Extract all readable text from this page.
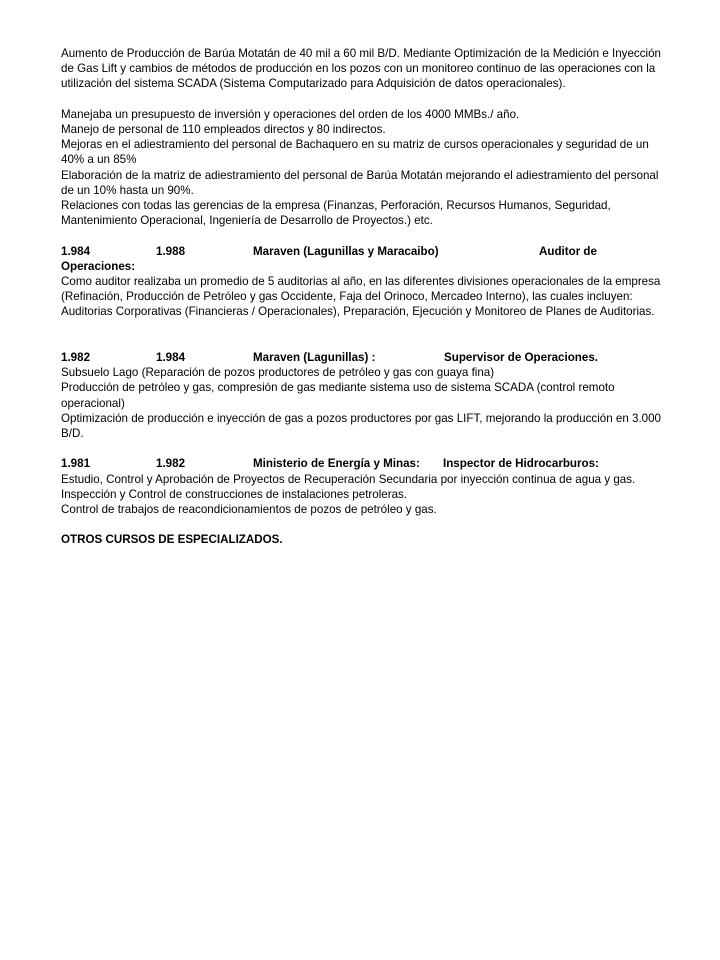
Aumento de Producción de Barúa Motatán de 40 mil a 60 mil B/D. Mediante Optimización de la Medición e Inyección de Gas Lift y cambios de métodos de producción en los pozos con un monitoreo continuo de las operaciones con la utilización del sistema SCADA (Sistema Computarizado para Adquisición de datos operacionales).

Manejaba un presupuesto de inversión y operaciones del orden de los 4000 MMBs./ año.

Manejo de personal de 110 empleados directos y 80 indirectos.

Mejoras en el adiestramiento del personal de Bachaquero en su matriz de cursos operacionales y seguridad de un 40% a un 85%

Elaboración de la matriz de adiestramiento del personal de Barúa Motatán mejorando el adiestramiento del personal de un 10% hasta un 90%.

Relaciones con todas las gerencias de la empresa (Finanzas, Perforación, Recursos Humanos, Seguridad, Mantenimiento Operacional, Ingeniería de Desarrollo de Proyectos.) etc.

1.984	1.988	Maraven (Lagunillas y Maracaibo)	Auditor de
Operaciones:

Como auditor realizaba un promedio de 5 auditorias al año, en las diferentes divisiones operacionales de la empresa (Refinación, Producción de Petróleo y gas Occidente, Faja del Orinoco, Mercadeo Interno), las cuales incluyen: Auditorias Corporativas (Financieras / Operacionales), Preparación, Ejecución y Monitoreo de Planes de Auditorias.

1.982	1.984	Maraven (Lagunillas) :	Supervisor de Operaciones.

Subsuelo Lago (Reparación de pozos productores de petróleo y gas con guaya fina)

Producción de petróleo y gas, compresión de gas mediante sistema uso de sistema SCADA (control remoto operacional)

Optimización de producción e inyección de gas a pozos productores por gas LIFT, mejorando la producción en 3.000 B/D.

1.981	1.982	Ministerio de Energía y Minas: Inspector de Hidrocarburos:

Estudio, Control y Aprobación de Proyectos de Recuperación Secundaria por inyección continua de agua y gas.

Inspección y Control de construcciones de instalaciones petroleras.

Control de trabajos de reacondicionamientos de pozos de petróleo y gas.

OTROS CURSOS DE ESPECIALIZADOS.
